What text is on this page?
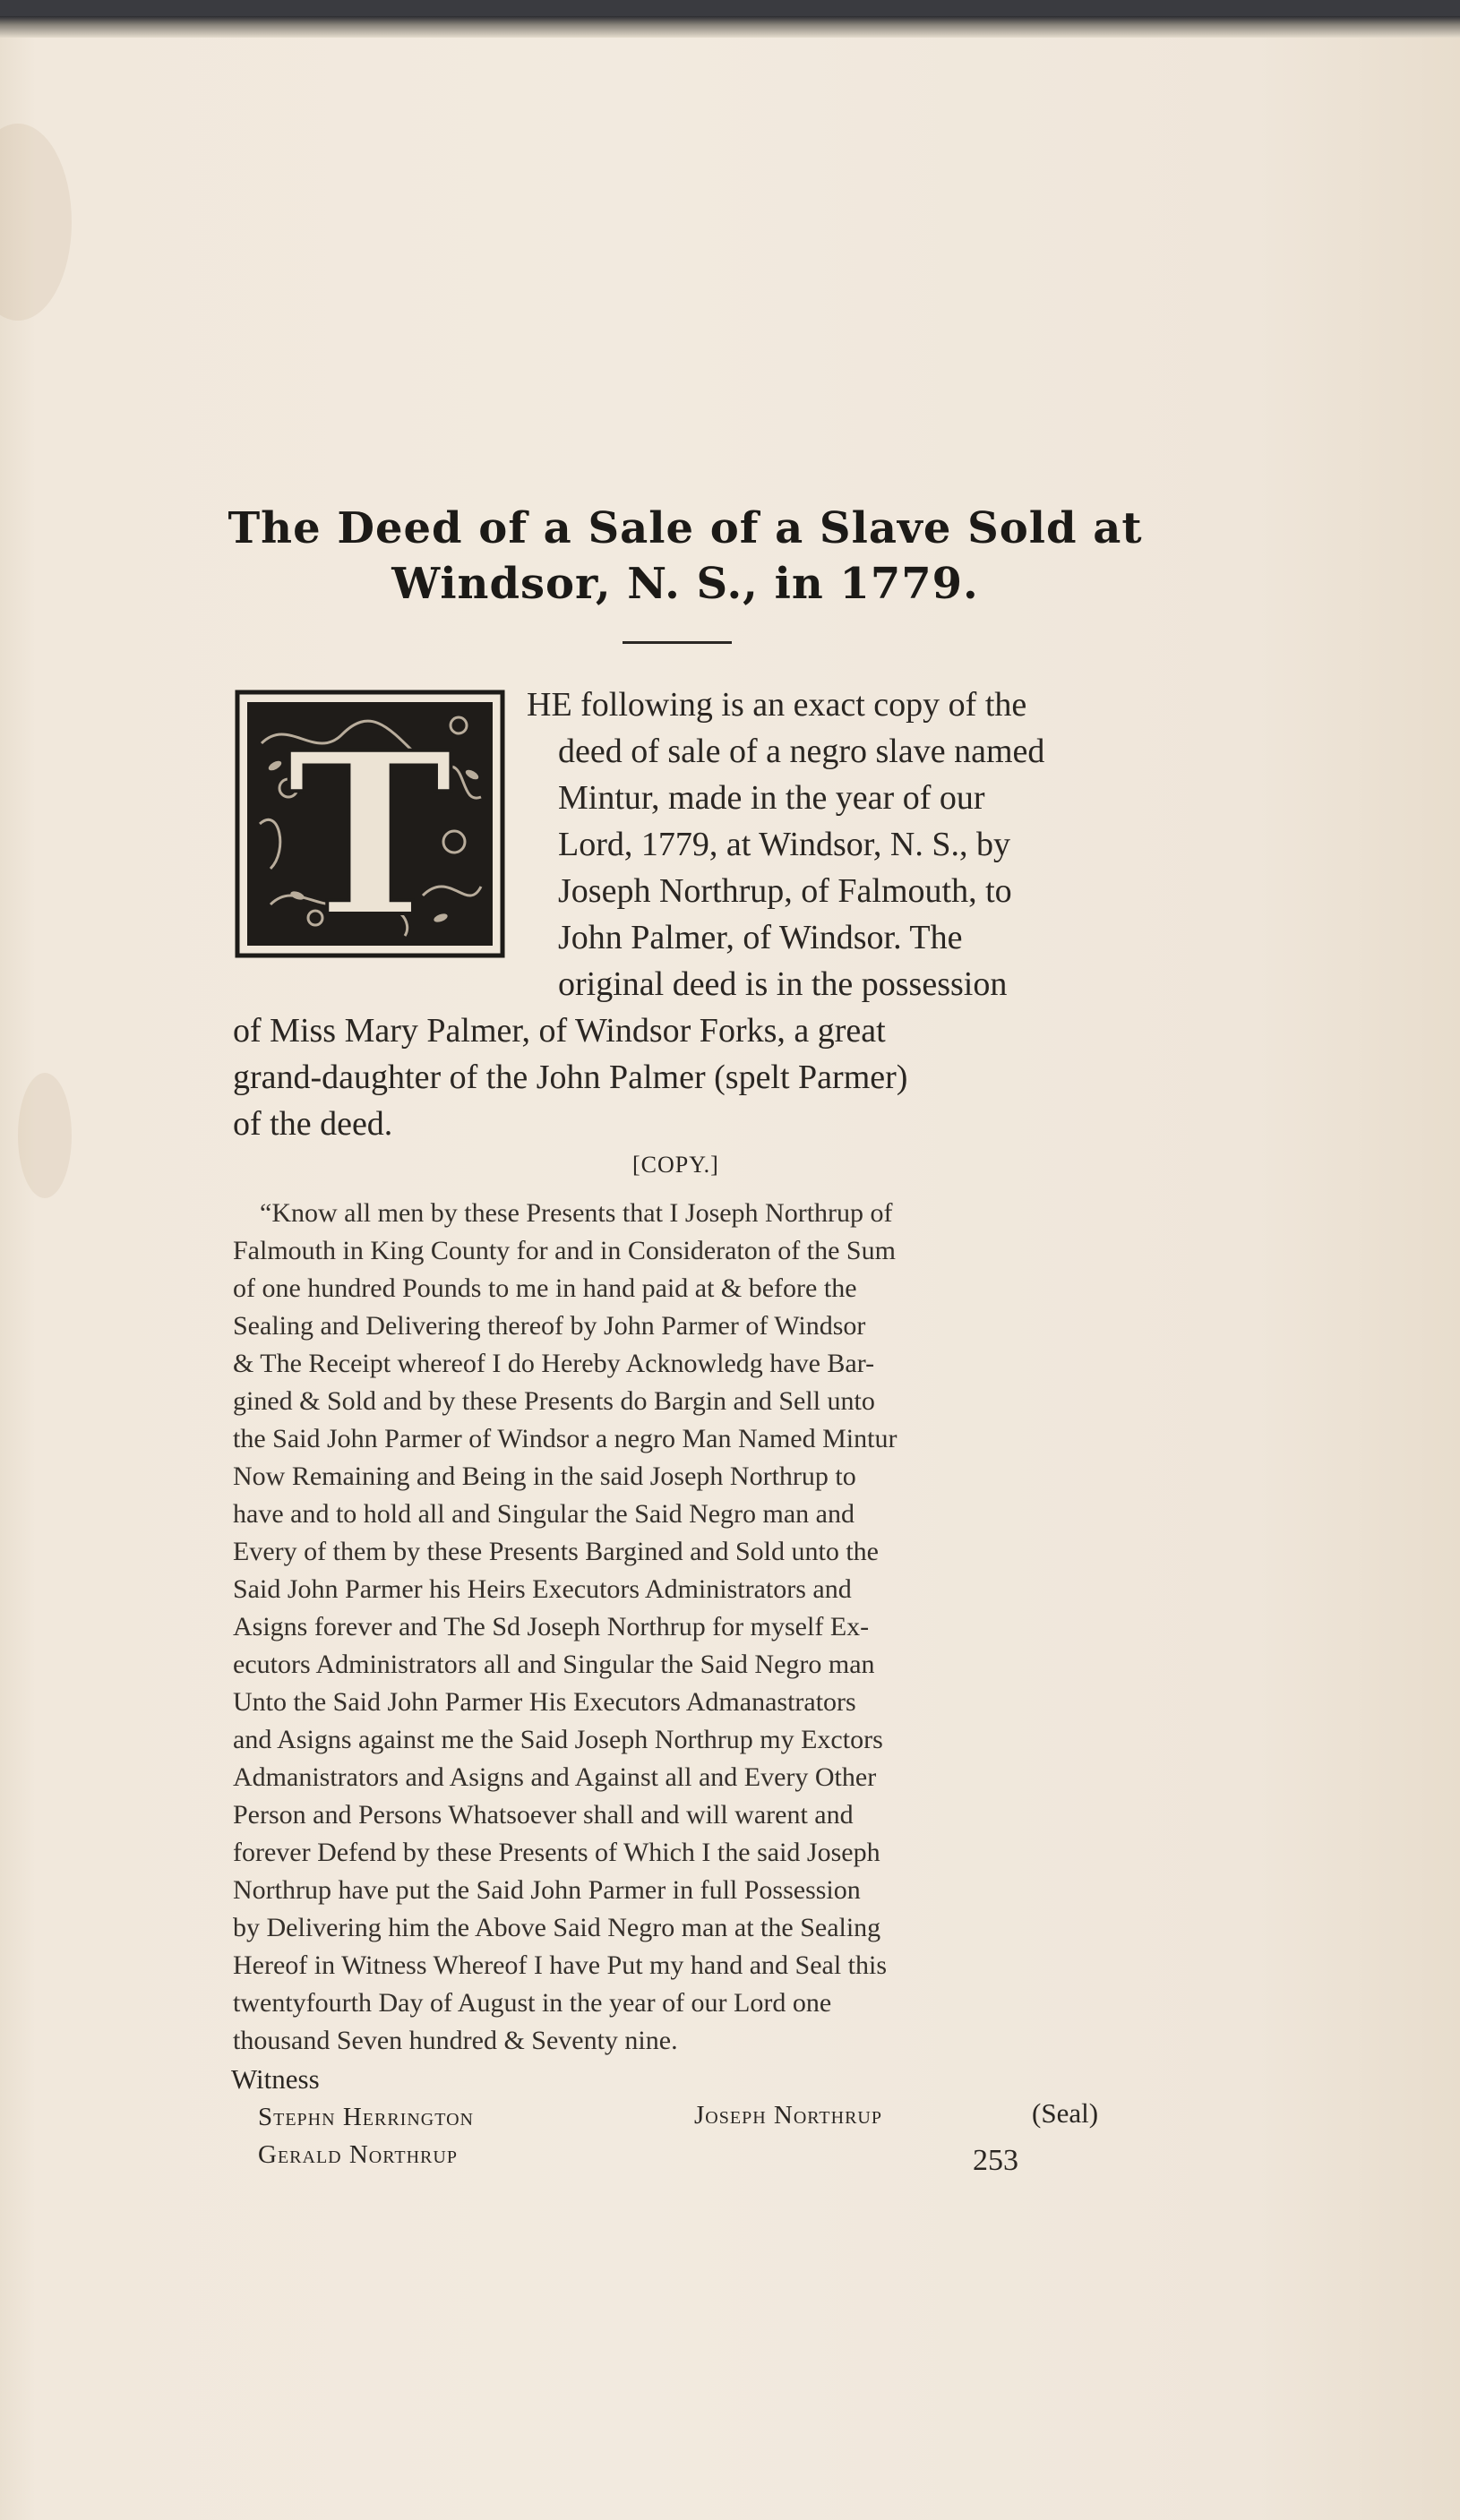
The Deed of a Sale of a Slave Sold at
Windsor, N. S., in 1779.
T HE following is an exact copy of the
deed of sale of a negro slave named
Mintur, made in the year of our
Lord, 1779, at Windsor, N. S., by
Joseph Northrup, of Falmouth, to
John Palmer, of Windsor. The
original deed is in the possession
of Miss Mary Palmer, of Windsor Forks, a great
grand-daughter of the John Palmer (spelt Parmer)
of the deed.
[COPY.]
“Know all men by these Presents that I Joseph Northrup of
Falmouth in King County for and in Consideraton of the Sum
of one hundred Pounds to me in hand paid at & before the
Sealing and Delivering thereof by John Parmer of Windsor
& The Receipt whereof I do Hereby Acknowledg have Bar-
gined & Sold and by these Presents do Bargin and Sell unto
the Said John Parmer of Windsor a negro Man Named Mintur
Now Remaining and Being in the said Joseph Northrup to
have and to hold all and Singular the Said Negro man and
Every of them by these Presents Bargined and Sold unto the
Said John Parmer his Heirs Executors Administrators and
Asigns forever and The Sd Joseph Northrup for myself Ex-
ecutors Administrators all and Singular the Said Negro man
Unto the Said John Parmer His Executors Admanastrators
and Asigns against me the Said Joseph Northrup my Exctors
Admanistrators and Asigns and Against all and Every Other
Person and Persons Whatsoever shall and will warent and
forever Defend by these Presents of Which I the said Joseph
Northrup have put the Said John Parmer in full Possession
by Delivering him the Above Said Negro man at the Sealing
Hereof in Witness Whereof I have Put my hand and Seal this
twentyfourth Day of August in the year of our Lord one
thousand Seven hundred & Seventy nine.
Witness
Stephn Herrington
Gerald Northrup
Joseph Northrup	(Seal)
253
